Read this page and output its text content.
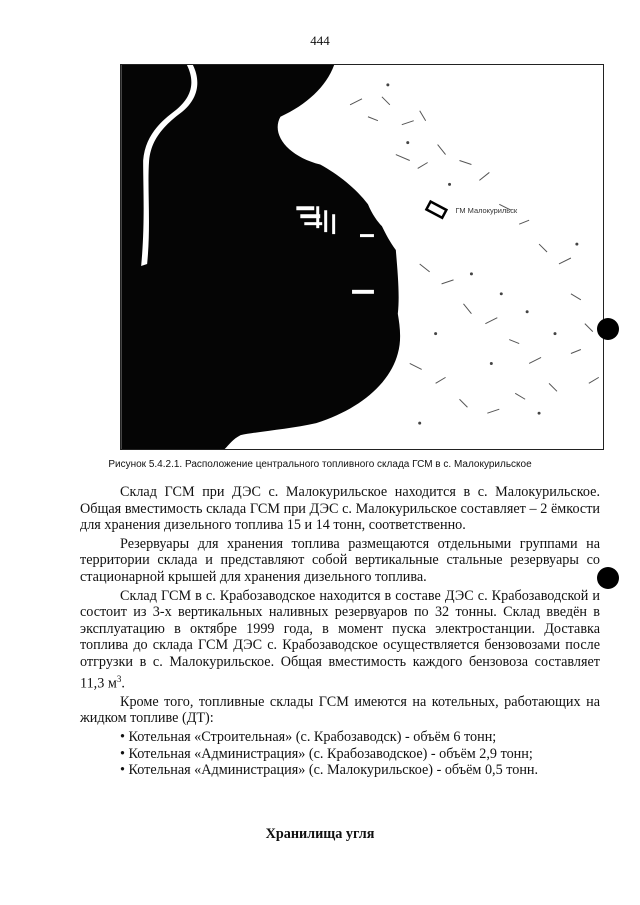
444
ГМ Малокурильск
Рисунок 5.4.2.1. Расположение центрального топливного склада ГСМ в с. Малокурильское

Склад ГСМ при ДЭС с. Малокурильское находится в с. Малокурильское. Общая вместимость склада ГСМ при ДЭС с. Малокурильское составляет – 2 ёмкости для хранения дизельного топлива 15 и 14 тонн, соответственно.

Резервуары для хранения топлива размещаются отдельными группами на территории склада и представляют собой вертикальные стальные резервуары со стационарной крышей для хранения дизельного топлива.

Склад ГСМ в с. Крабозаводское находится в составе ДЭС с. Крабозаводской и состоит из 3-х вертикальных наливных резервуаров по 32 тонны. Склад введён в эксплуатацию в октябре 1999 года, в момент пуска электростанции. Доставка топлива до склада ГСМ ДЭС с. Крабозаводское осуществляется бензовозами после отгрузки в с. Малокурильское. Общая вместимость каждого бензовоза составляет 11,3 $м^3$.

Кроме того, топливные склады ГСМ имеются на котельных, работающих на жидком топливе (ДТ):

• Котельная «Строительная» (с. Крабозаводск) - объём 6 тонн;
• Котельная «Администрация» (с. Крабозаводское) - объём 2,9 тонн;
• Котельная «Администрация» (с. Малокурильское) - объём 0,5 тонн.
Хранилища угля
